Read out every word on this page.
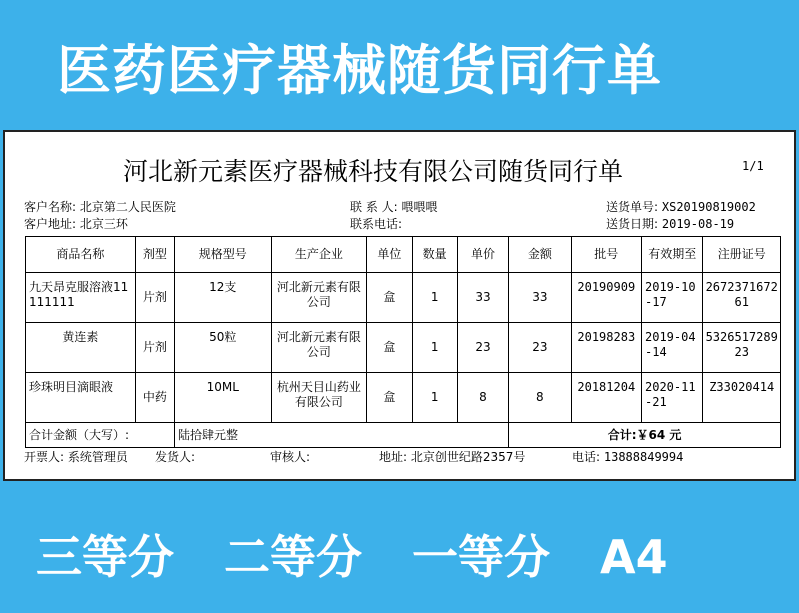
医药医疗器械随货同行单
河北新元素医疗器械科技有限公司随货同行单	1/1
客户名称: 北京第二人民医院	联 系 人: 喂喂喂	送货单号: XS20190819002
客户地址: 北京三环	联系电话:	送货日期: 2019-08-19
商品名称	剂型	规格型号	生产企业	单位	数量	单价	金额	批号	有效期至	注册证号
九天昂克服溶液11111111	片剂	12支	河北新元素有限公司	盒	1	33	33	20190909	2019-10-17	267237167261
黄连素	片剂	50粒	河北新元素有限公司	盒	1	23	23	20198283	2019-04-14	532651728923
珍珠明目滴眼液	中药	10ML	杭州天目山药业有限公司	盒	1	8	8	20181204	2020-11-21	Z33020414
合计金额（大写）:		陆拾肆元整					合计:￥64 元			
开票人: 系统管理员 发货人:	审核人:	地址: 北京创世纪路2357号	电话: 13888849994
三等分 二等分 一等分 A4
